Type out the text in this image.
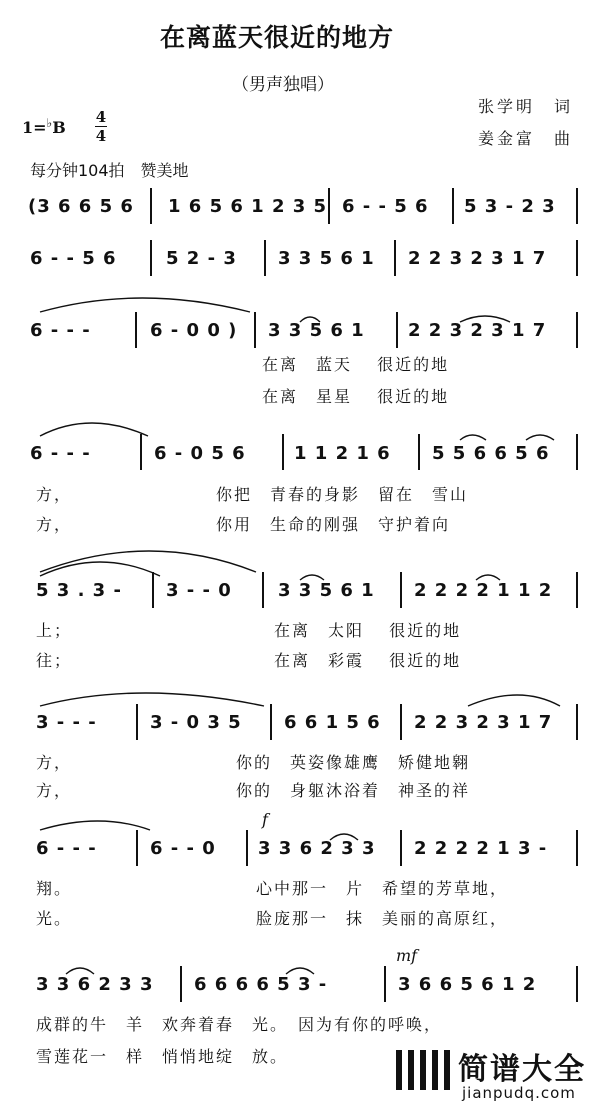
在离蓝天很近的地方
（男声独唱）
张学明　词
姜金富　曲
1=♭B
4
4
每分钟104拍　赞美地
(3 6 6 5 6 1 6 5 6 1 2 3 5 6 - - 5 6 5 3 - 2 3
6 - - 5 6	5 2 - 3 3 3 5 6 1 2 2 3 2 3 1 7
6 - - -	6 - 0 0 ) 3 3 5 6 1 2 2 3 2 3 1 7
在离　蓝天　 很近的地
在离　星星　 很近的地
6 - - -	6 - 0 5 6	1 1 2 1 6 5 5 6 6 5 6
方，	你把　青春的身影　留在　雪山
方，	你用　生命的刚强　守护着向
5 3 . 3 - 3 - - 0	3 3 5 6 1 2 2 2 2 1 1 2
上；	在离　太阳　 很近的地
往；	在离　彩霞　 很近的地
3 - - -	3 - 0 3 5 6 6 1 5 6 2 2 3 2 3 1 7
方，	你的　英姿像雄鹰　矫健地翱
方，	你的　身躯沐浴着　神圣的祥
f
6 - - -	6 - - 0 3 3 6 2 3 3 2 2 2 2 1 3 -
翔。	心中那一　片　希望的芳草地，
光。	脸庞那一　抹　美丽的高原红，
mf
3 3 6 2 3 3 6 6 6 6 5 3 -	3 6 6 5 6 1 2
成群的牛　羊　欢奔着春　光。　因为有你的呼唤，
雪莲花一　样　悄悄地绽　放。	简谱大全
jianpudq.com
